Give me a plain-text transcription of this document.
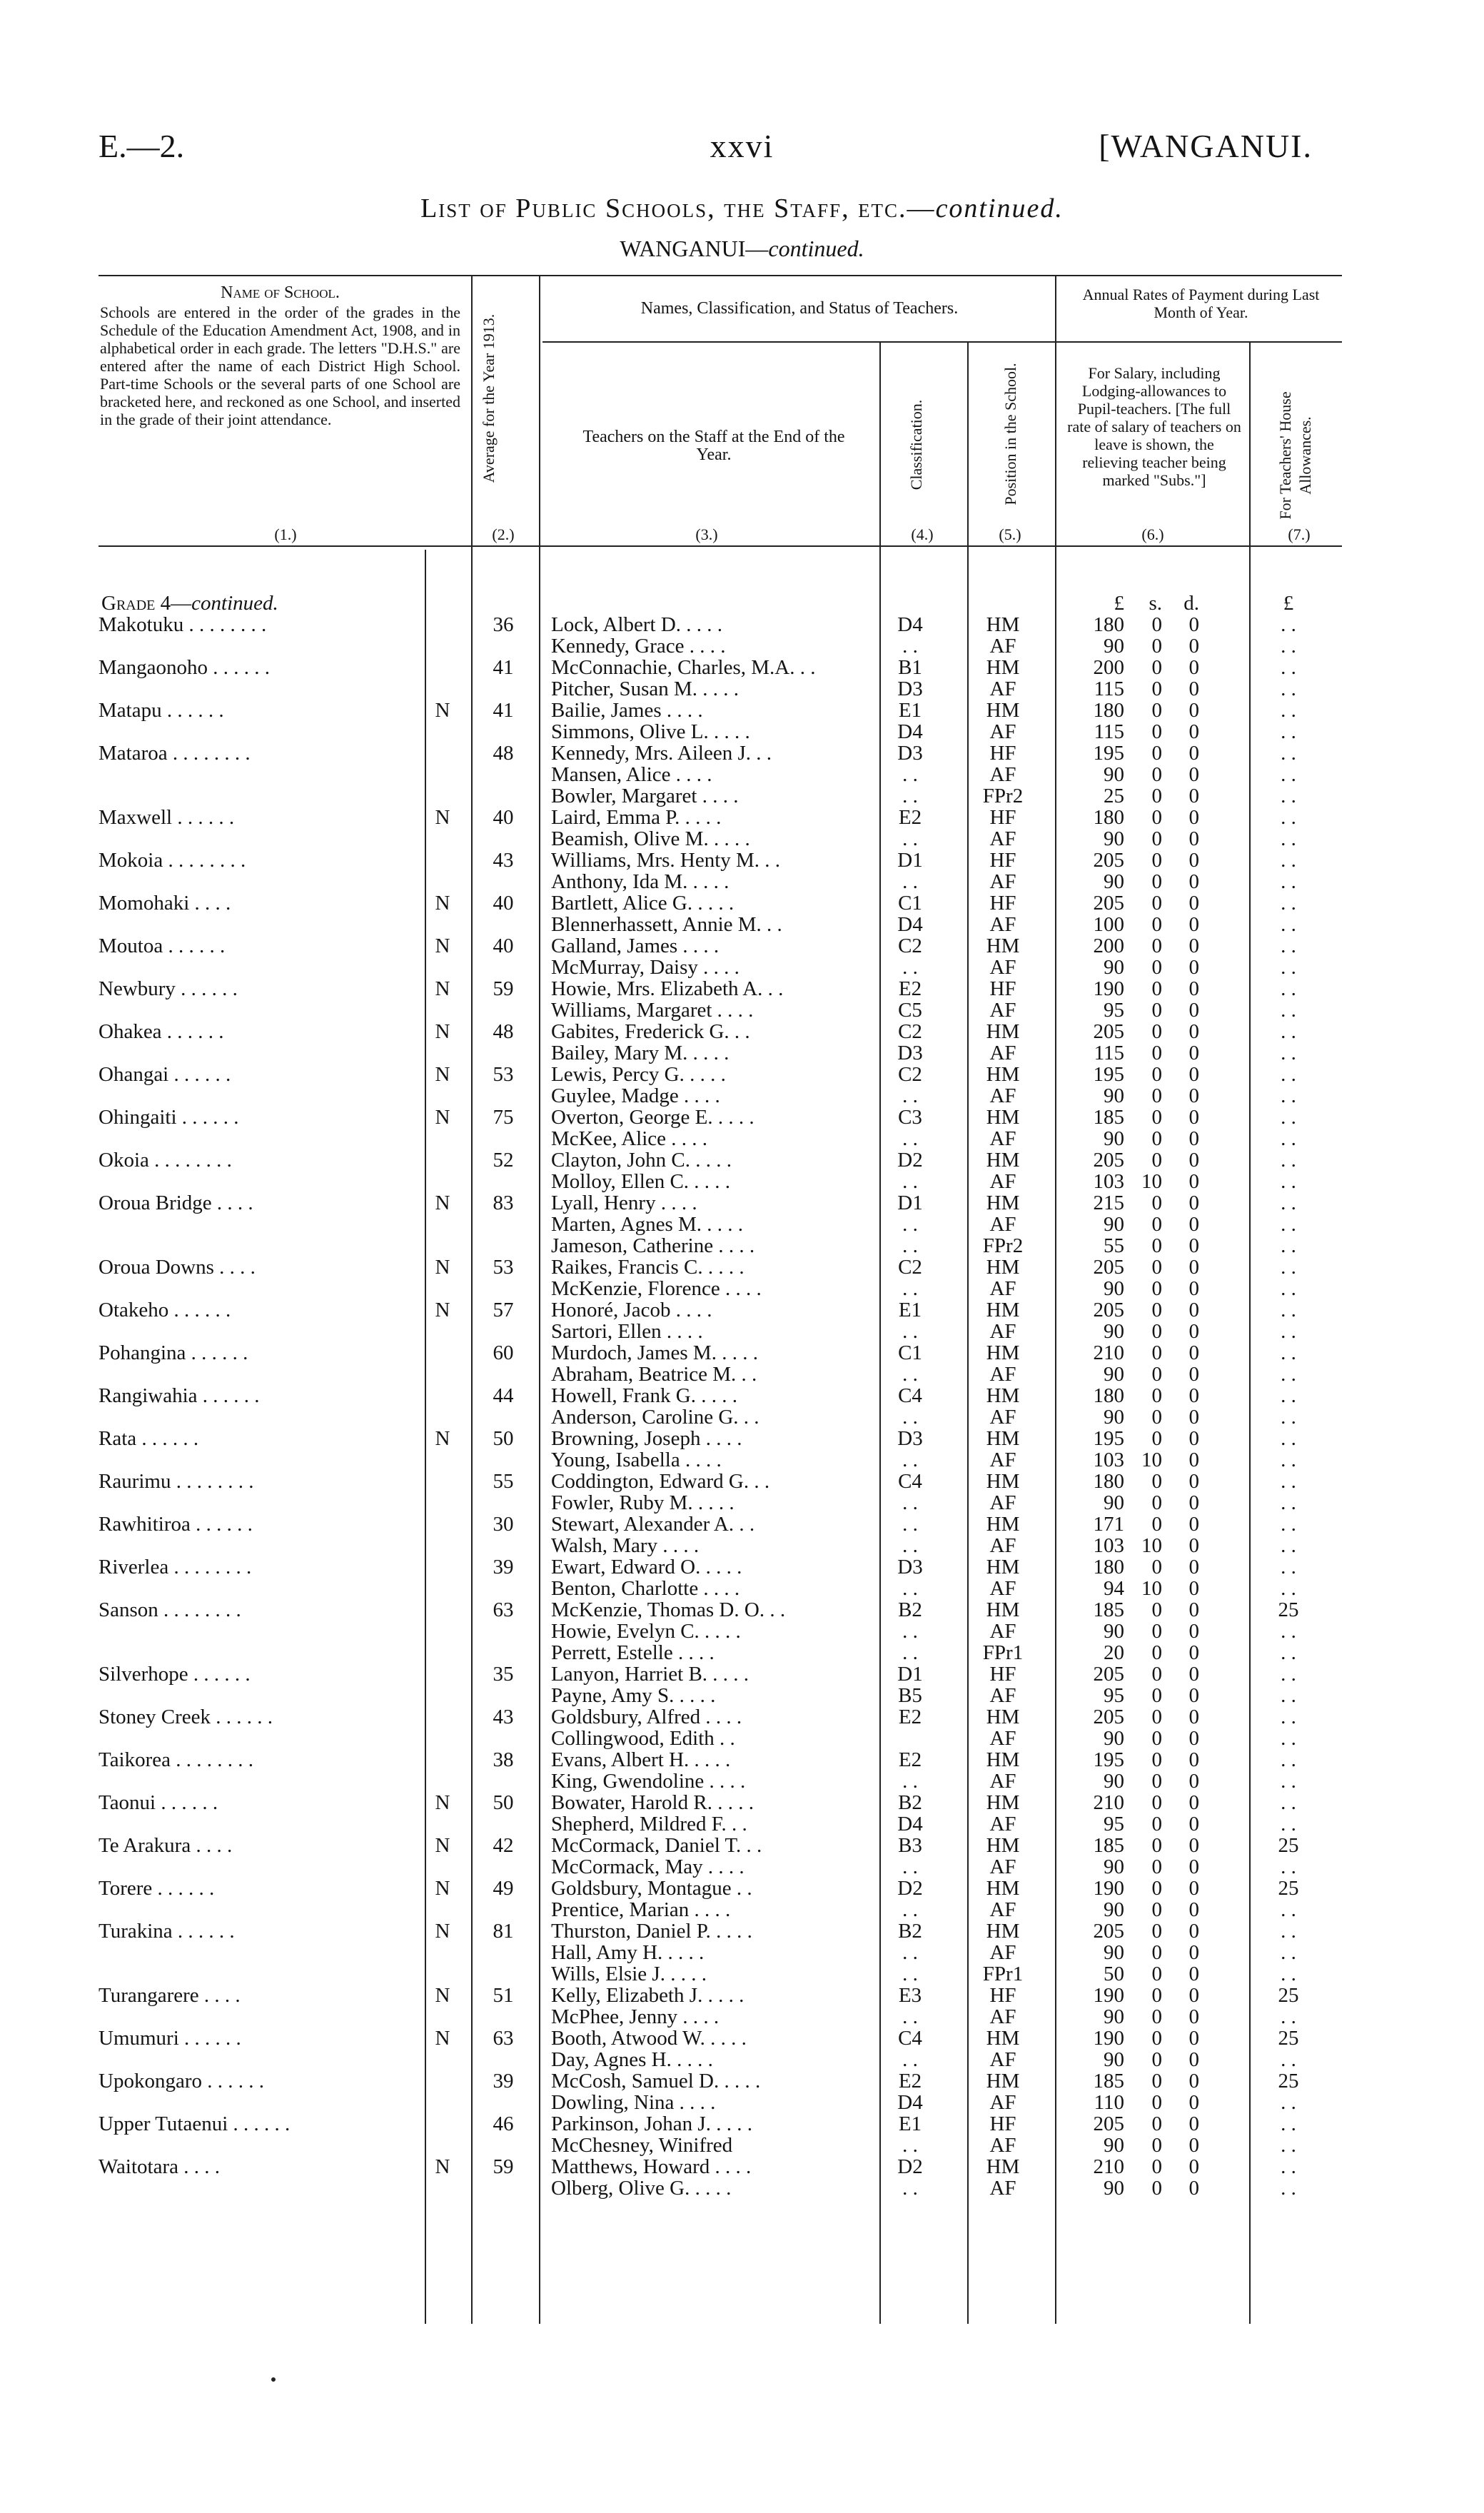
E.—2.	xxvi	[WANGANUI.
List of Public Schools, the Staff, etc.—continued.
WANGANUI—continued.
Name of School.
Schools are entered in the order of the grades in the Schedule of the Education Amendment Act, 1908, and in alphabetical order in each grade. The letters "D.H.S." are entered after the name of each District High School. Part-time Schools or the several parts of one School are bracketed here, and reckoned as one School, and inserted in the grade of their joint attendance.	Average for the Year 1913.
Names, Classification, and Status of Teachers.
Teachers on the Staff at the End of the Year.	Classification.	Position in the School.
Annual Rates of Payment during Last Month of Year.
For Salary, including Lodging-allowances to Pupil-teachers. [The full rate of salary of teachers on leave is shown, the relieving teacher being marked "Subs."]	For Teachers' House Allowances.
(1.)	(2.)	(3.)	(4.)	(5.)	(6.)	(7.)
Grade 4—continued.	£	s. d.	£
Makotuku . . . . . . . .	36	Lock, Albert D. . . . .	D4	HM	180	0	0	. .
Kennedy, Grace . . . .	. .	AF	90	0	0	. .
Mangaonoho . . . . . .	41	McConnachie, Charles, M.A. . .	B1	HM	200	0	0	. .
Pitcher, Susan M. . . . .	D3	AF	115	0	0	. .
Matapu . . . . . .	N	41	Bailie, James . . . .	E1	HM	180	0	0	. .
Simmons, Olive L. . . . .	D4	AF	115	0	0	. .
Mataroa . . . . . . . .	48	Kennedy, Mrs. Aileen J. . .	D3	HF	195	0	0	. .
Mansen, Alice . . . .	. .	AF	90	0	0	. .
Bowler, Margaret . . . .	. .	FPr2	25	0	0	. .
Maxwell . . . . . .	N	40	Laird, Emma P. . . . .	E2	HF	180	0	0	. .
Beamish, Olive M. . . . .	. .	AF	90	0	0	. .
Mokoia . . . . . . . .	43	Williams, Mrs. Henty M. . .	D1	HF	205	0	0	. .
Anthony, Ida M. . . . .	. .	AF	90	0	0	. .
Momohaki . . . .	N	40	Bartlett, Alice G. . . . .	C1	HF	205	0	0	. .
Blennerhassett, Annie M. . .	D4	AF	100	0	0	. .
Moutoa . . . . . .	N	40	Galland, James . . . .	C2	HM	200	0	0	. .
McMurray, Daisy . . . .	. .	AF	90	0	0	. .
Newbury . . . . . .	N	59	Howie, Mrs. Elizabeth A. . .	E2	HF	190	0	0	. .
Williams, Margaret . . . .	C5	AF	95	0	0	. .
Ohakea . . . . . .	N	48	Gabites, Frederick G. . .	C2	HM	205	0	0	. .
Bailey, Mary M. . . . .	D3	AF	115	0	0	. .
Ohangai . . . . . .	N	53	Lewis, Percy G. . . . .	C2	HM	195	0	0	. .
Guylee, Madge . . . .	. .	AF	90	0	0	. .
Ohingaiti . . . . . .	N	75	Overton, George E. . . . .	C3	HM	185	0	0	. .
McKee, Alice . . . .	. .	AF	90	0	0	. .
Okoia . . . . . . . .	52	Clayton, John C. . . . .	D2	HM	205	0	0	. .
Molloy, Ellen C. . . . .	. .	AF	103 10	0	. .
Oroua Bridge . . . .	N	83	Lyall, Henry . . . .	D1	HM	215	0	0	. .
Marten, Agnes M. . . . .	. .	AF	90	0	0	. .
Jameson, Catherine . . . .	. .	FPr2	55	0	0	. .
Oroua Downs . . . .	N	53	Raikes, Francis C. . . . .	C2	HM	205	0	0	. .
McKenzie, Florence . . . .	. .	AF	90	0	0	. .
Otakeho . . . . . .	N	57	Honoré, Jacob . . . .	E1	HM	205	0	0	. .
Sartori, Ellen . . . .	. .	AF	90	0	0	. .
Pohangina . . . . . .	60	Murdoch, James M. . . . .	C1	HM	210	0	0	. .
Abraham, Beatrice M. . .	. .	AF	90	0	0	. .
Rangiwahia . . . . . .	44	Howell, Frank G. . . . .	C4	HM	180	0	0	. .
Anderson, Caroline G. . .	. .	AF	90	0	0	. .
Rata . . . . . .	N	50	Browning, Joseph . . . .	D3	HM	195	0	0	. .
Young, Isabella . . . .	. .	AF	103 10	0	. .
Raurimu . . . . . . . .	55	Coddington, Edward G. . .	C4	HM	180	0	0	. .
Fowler, Ruby M. . . . .	. .	AF	90	0	0	. .
Rawhitiroa . . . . . .	30	Stewart, Alexander A. . .	. .	HM	171	0	0	. .
Walsh, Mary . . . .	. .	AF	103 10	0	. .
Riverlea . . . . . . . .	39	Ewart, Edward O. . . . .	D3	HM	180	0	0	. .
Benton, Charlotte . . . .	. .	AF	94 10	0	. .
Sanson . . . . . . . .	63	McKenzie, Thomas D. O. . .	B2	HM	185	0	0	25
Howie, Evelyn C. . . . .	. .	AF	90	0	0	. .
Perrett, Estelle . . . .	. .	FPr1	20	0	0	. .
Silverhope . . . . . .	35	Lanyon, Harriet B. . . . .	D1	HF	205	0	0	. .
Payne, Amy S. . . . .	B5	AF	95	0	0	. .
Stoney Creek . . . . . .	43	Goldsbury, Alfred . . . .	E2	HM	205	0	0	. .
Collingwood, Edith . .	AF	90	0	0	. .
Taikorea . . . . . . . .	38	Evans, Albert H. . . . .	E2	HM	195	0	0	. .
King, Gwendoline . . . .	. .	AF	90	0	0	. .
Taonui . . . . . .	N	50	Bowater, Harold R. . . . .	B2	HM	210	0	0	. .
Shepherd, Mildred F. . .	D4	AF	95	0	0	. .
Te Arakura . . . .	N	42	McCormack, Daniel T. . .	B3	HM	185	0	0	25
McCormack, May . . . .	. .	AF	90	0	0	. .
Torere . . . . . .	N	49	Goldsbury, Montague . .	D2	HM	190	0	0	25
Prentice, Marian . . . .	. .	AF	90	0	0	. .
Turakina . . . . . .	N	81	Thurston, Daniel P. . . . .	B2	HM	205	0	0	. .
Hall, Amy H. . . . .	. .	AF	90	0	0	. .
Wills, Elsie J. . . . .	. .	FPr1	50	0	0	. .
Turangarere . . . .	N	51	Kelly, Elizabeth J. . . . .	E3	HF	190	0	0	25
McPhee, Jenny . . . .	. .	AF	90	0	0	. .
Umumuri . . . . . .	N	63	Booth, Atwood W. . . . .	C4	HM	190	0	0	25
Day, Agnes H. . . . .	. .	AF	90	0	0	. .
Upokongaro . . . . . .	39	McCosh, Samuel D. . . . .	E2	HM	185	0	0	25
Dowling, Nina . . . .	D4	AF	110	0	0	. .
Upper Tutaenui . . . . . .	46	Parkinson, Johan J. . . . .	E1	HF	205	0	0	. .
McChesney, Winifred	. .	AF	90	0	0	. .
Waitotara . . . .	N	59	Matthews, Howard . . . .	D2	HM	210	0	0	. .
Olberg, Olive G. . . . .	. .	AF	90	0	0	. .
